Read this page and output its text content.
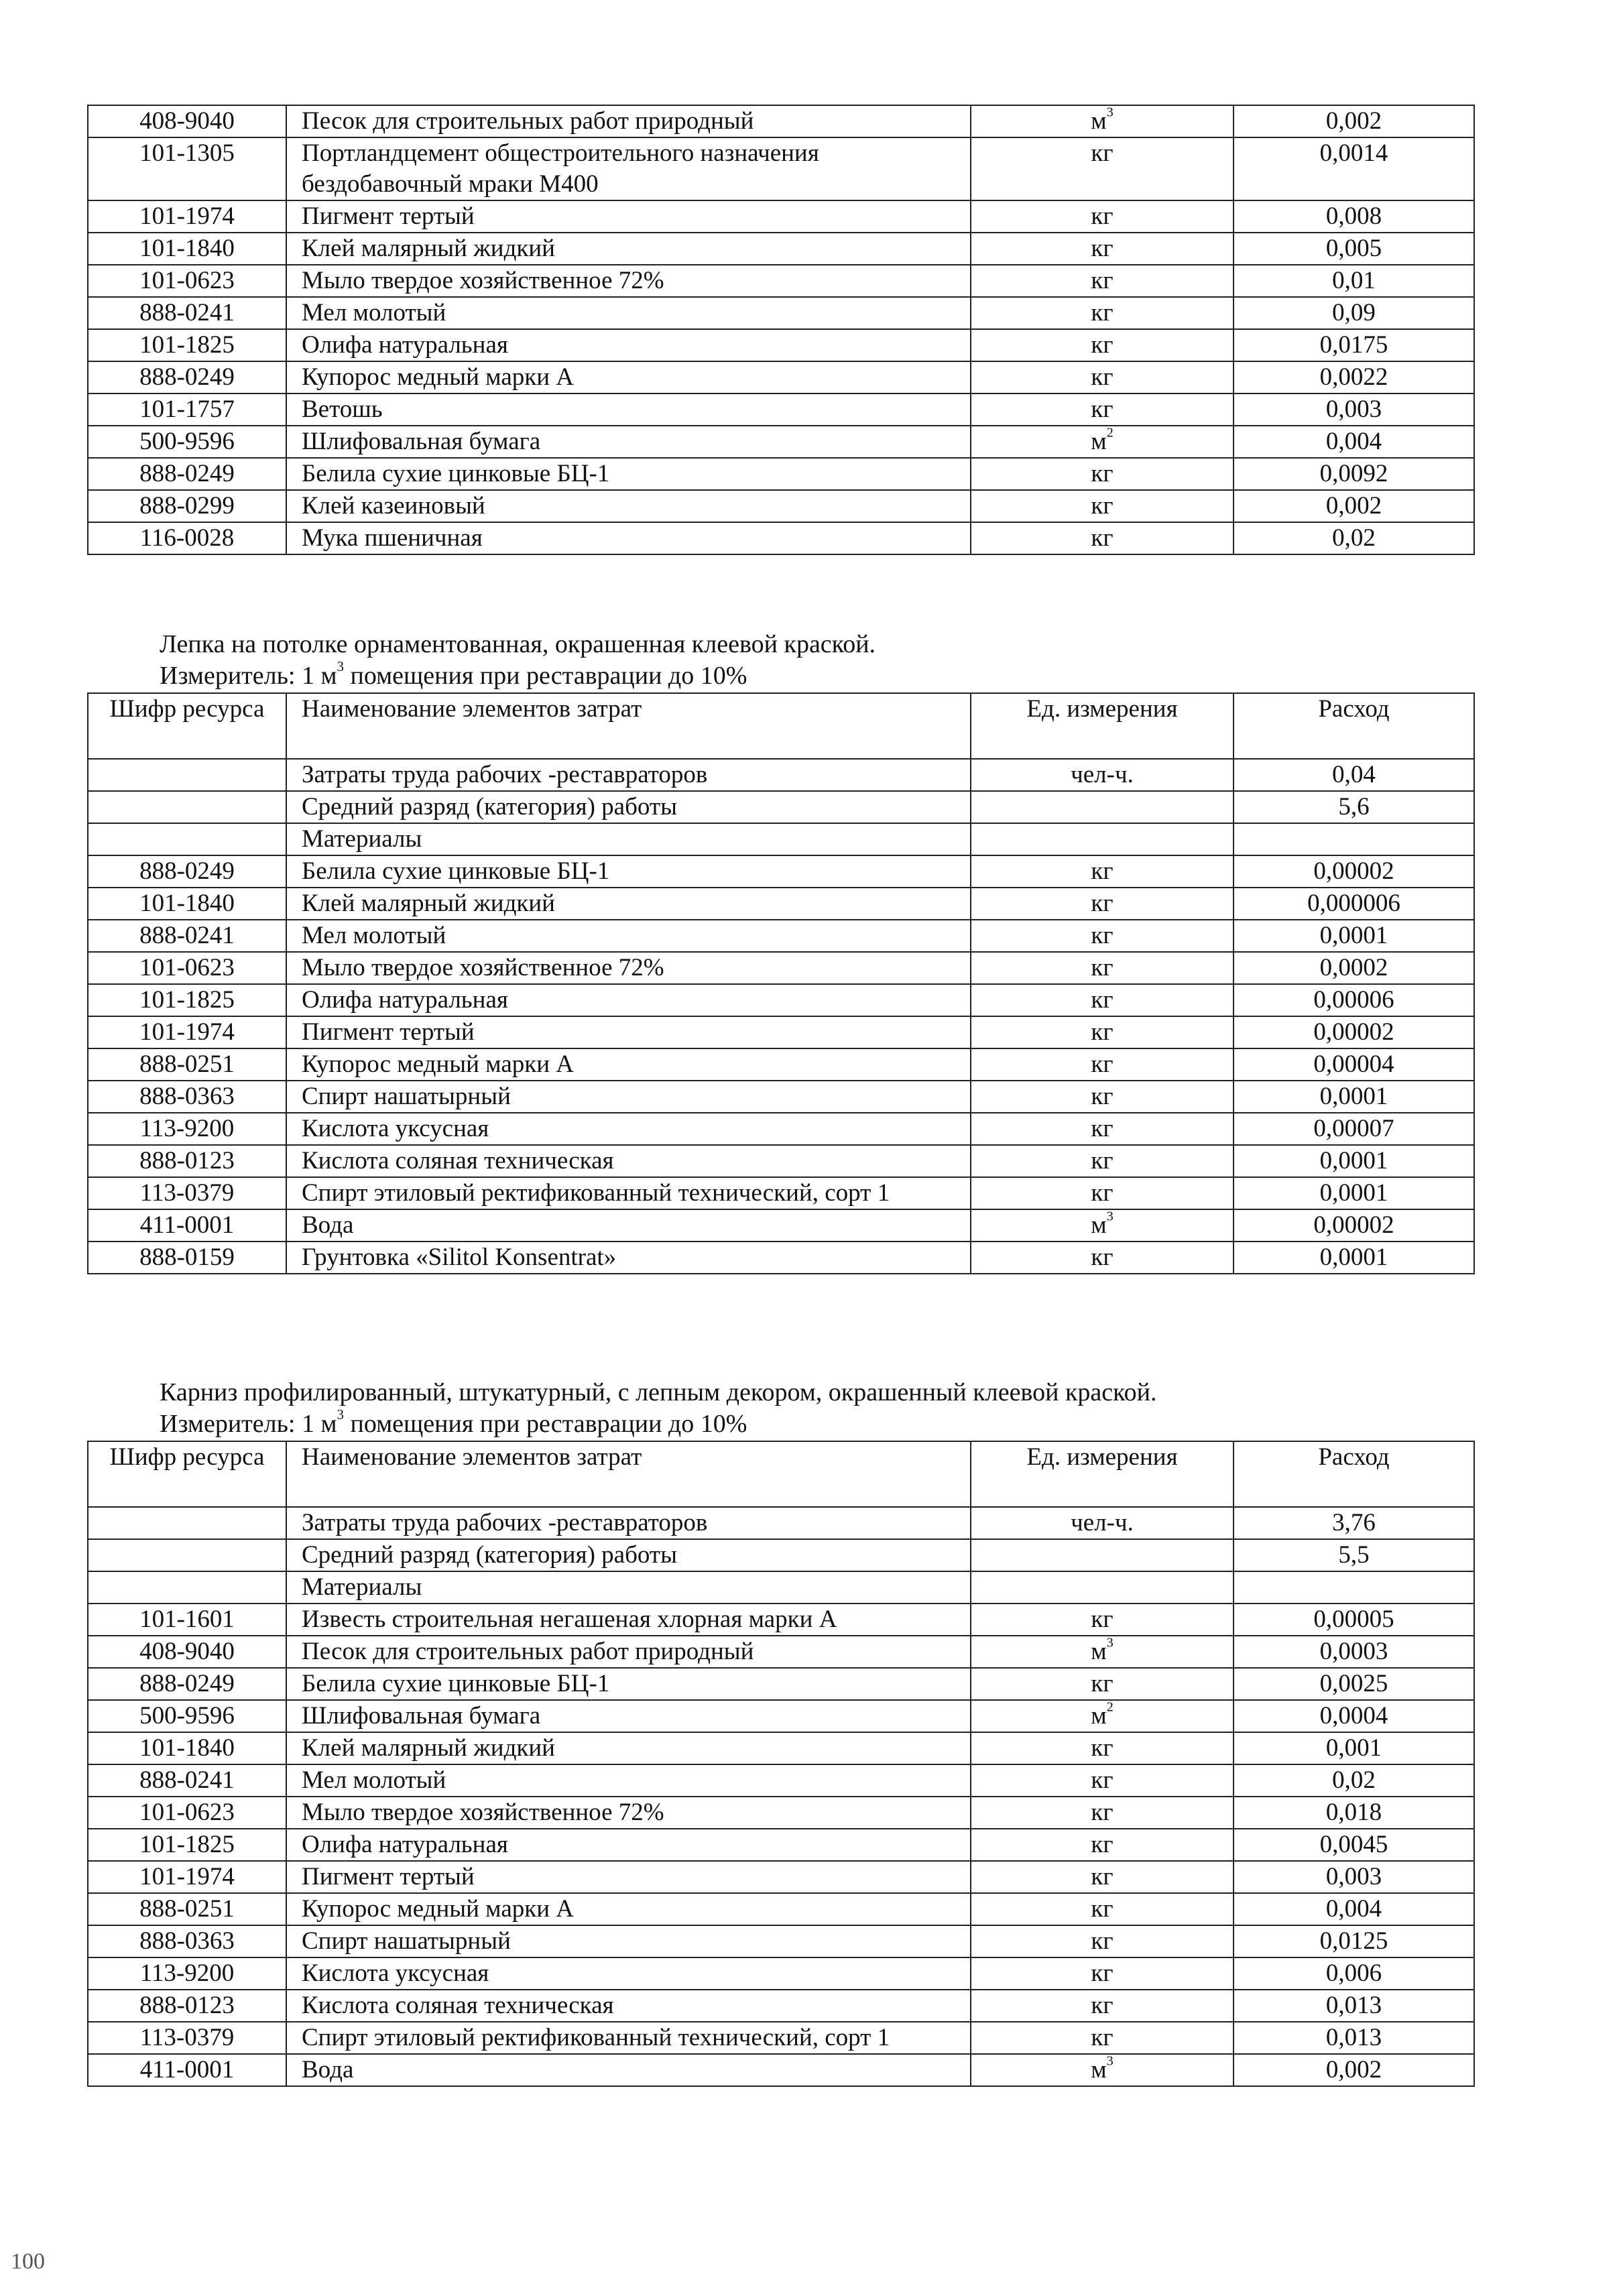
408-9040	Песок для строительных работ природный	$м^3$	0,002
101-1305	Портландцемент общестроительного назначения бездобавочный мраки М400	кг	0,0014
101-1974	Пигмент тертый	кг	0,008
101-1840	Клей малярный жидкий	кг	0,005
101-0623	Мыло твердое хозяйственное 72%	кг	0,01
888-0241	Мел молотый	кг	0,09
101-1825	Олифа натуральная	кг	0,0175
888-0249	Купорос медный марки А	кг	0,0022
101-1757	Ветошь	кг	0,003
500-9596	Шлифовальная бумага	$м^2$	0,004
888-0249	Белила сухие цинковые БЦ-1	кг	0,0092
888-0299	Клей казеиновый	кг	0,002
116-0028	Мука пшеничная	кг	0,02
Лепка на потолке орнаментованная, окрашенная клеевой краской.
Измеритель: 1 $м^3$ помещения при реставрации до 10%
Шифр ресурса	Наименование элементов затрат	Ед. измерения	Расход
	Затраты труда рабочих -реставраторов	чел-ч.	0,04
	Средний разряд (категория) работы		5,6
	Материалы		
888-0249	Белила сухие цинковые БЦ-1	кг	0,00002
101-1840	Клей малярный жидкий	кг	0,000006
888-0241	Мел молотый	кг	0,0001
101-0623	Мыло твердое хозяйственное 72%	кг	0,0002
101-1825	Олифа натуральная	кг	0,00006
101-1974	Пигмент тертый	кг	0,00002
888-0251	Купорос медный марки А	кг	0,00004
888-0363	Спирт нашатырный	кг	0,0001
113-9200	Кислота уксусная	кг	0,00007
888-0123	Кислота соляная техническая	кг	0,0001
113-0379	Спирт этиловый ректификованный технический, сорт 1	кг	0,0001
411-0001	Вода	$м^3$	0,00002
888-0159	Грунтовка «Silitol Konsentrat»	кг	0,0001
Карниз профилированный, штукатурный, с лепным декором, окрашенный клеевой краской.
Измеритель: 1 $м^3$ помещения при реставрации до 10%
Шифр ресурса	Наименование элементов затрат	Ед. измерения	Расход
	Затраты труда рабочих -реставраторов	чел-ч.	3,76
	Средний разряд (категория) работы		5,5
	Материалы		
101-1601	Известь строительная негашеная хлорная марки А	кг	0,00005
408-9040	Песок для строительных работ природный	$м^3$	0,0003
888-0249	Белила сухие цинковые БЦ-1	кг	0,0025
500-9596	Шлифовальная бумага	$м^2$	0,0004
101-1840	Клей малярный жидкий	кг	0,001
888-0241	Мел молотый	кг	0,02
101-0623	Мыло твердое хозяйственное 72%	кг	0,018
101-1825	Олифа натуральная	кг	0,0045
101-1974	Пигмент тертый	кг	0,003
888-0251	Купорос медный марки А	кг	0,004
888-0363	Спирт нашатырный	кг	0,0125
113-9200	Кислота уксусная	кг	0,006
888-0123	Кислота соляная техническая	кг	0,013
113-0379	Спирт этиловый ректификованный технический, сорт 1	кг	0,013
411-0001	Вода	$м^3$	0,002
100
